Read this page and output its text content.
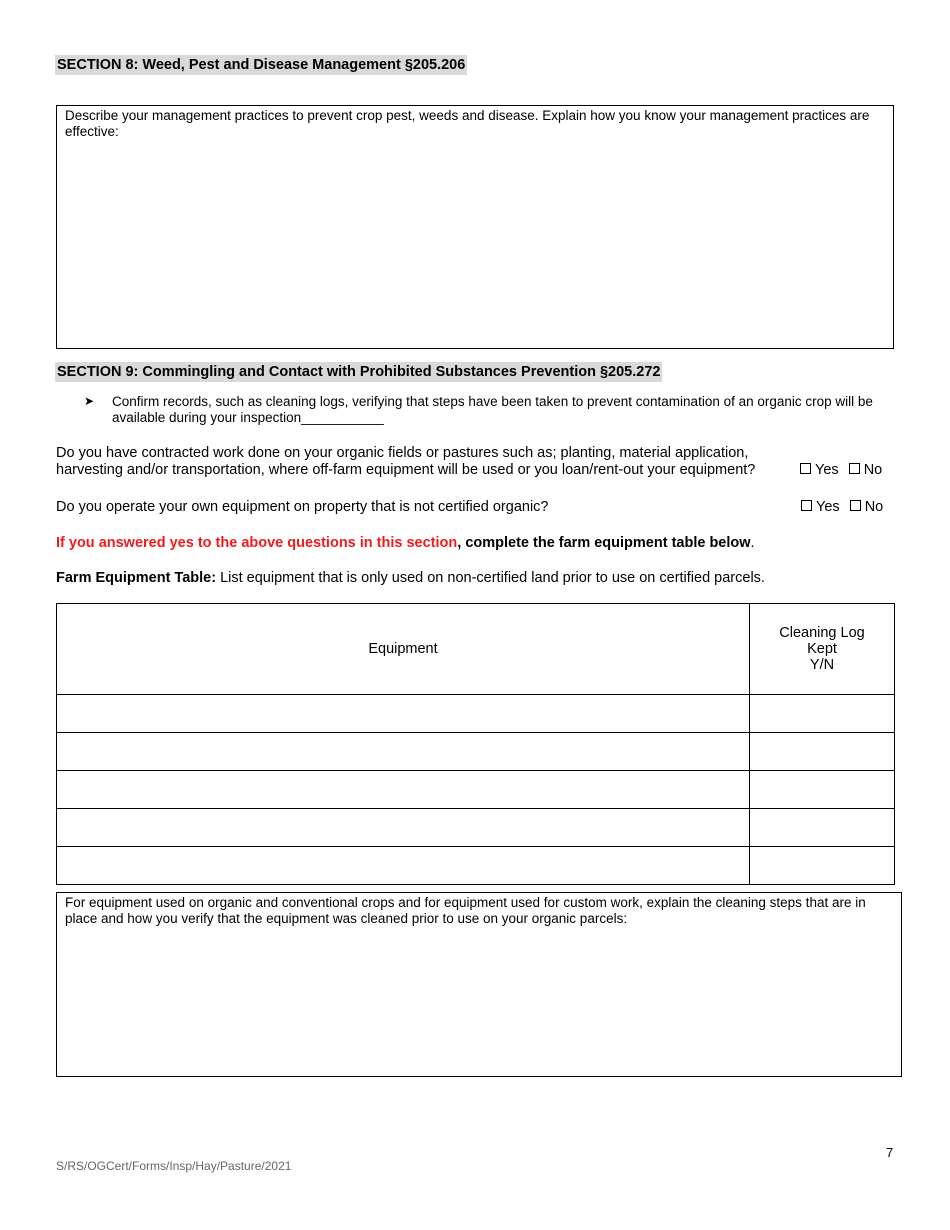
SECTION 8: Weed, Pest and Disease Management §205.206
Describe your management practices to prevent crop pest, weeds and disease. Explain how you know your management practices are effective:
SECTION 9: Commingling and Contact with Prohibited Substances Prevention §205.272
➤ Confirm records, such as cleaning logs, verifying that steps have been taken to prevent contamination of an organic crop will be available during your inspection___________
Do you have contracted work done on your organic fields or pastures such as; planting, material application, harvesting and/or transportation, where off-farm equipment will be used or you loan/rent-out your equipment?	Yes No
Do you operate your own equipment on property that is not certified organic?	Yes No
If you answered yes to the above questions in this section, complete the farm equipment table below.
Farm Equipment Table: List equipment that is only used on non-certified land prior to use on certified parcels.
Equipment	Cleaning Log
Kept
Y/N

For equipment used on organic and conventional crops and for equipment used for custom work, explain the cleaning steps that are in place and how you verify that the equipment was cleaned prior to use on your organic parcels:
7
S/RS/OGCert/Forms/Insp/Hay/Pasture/2021
